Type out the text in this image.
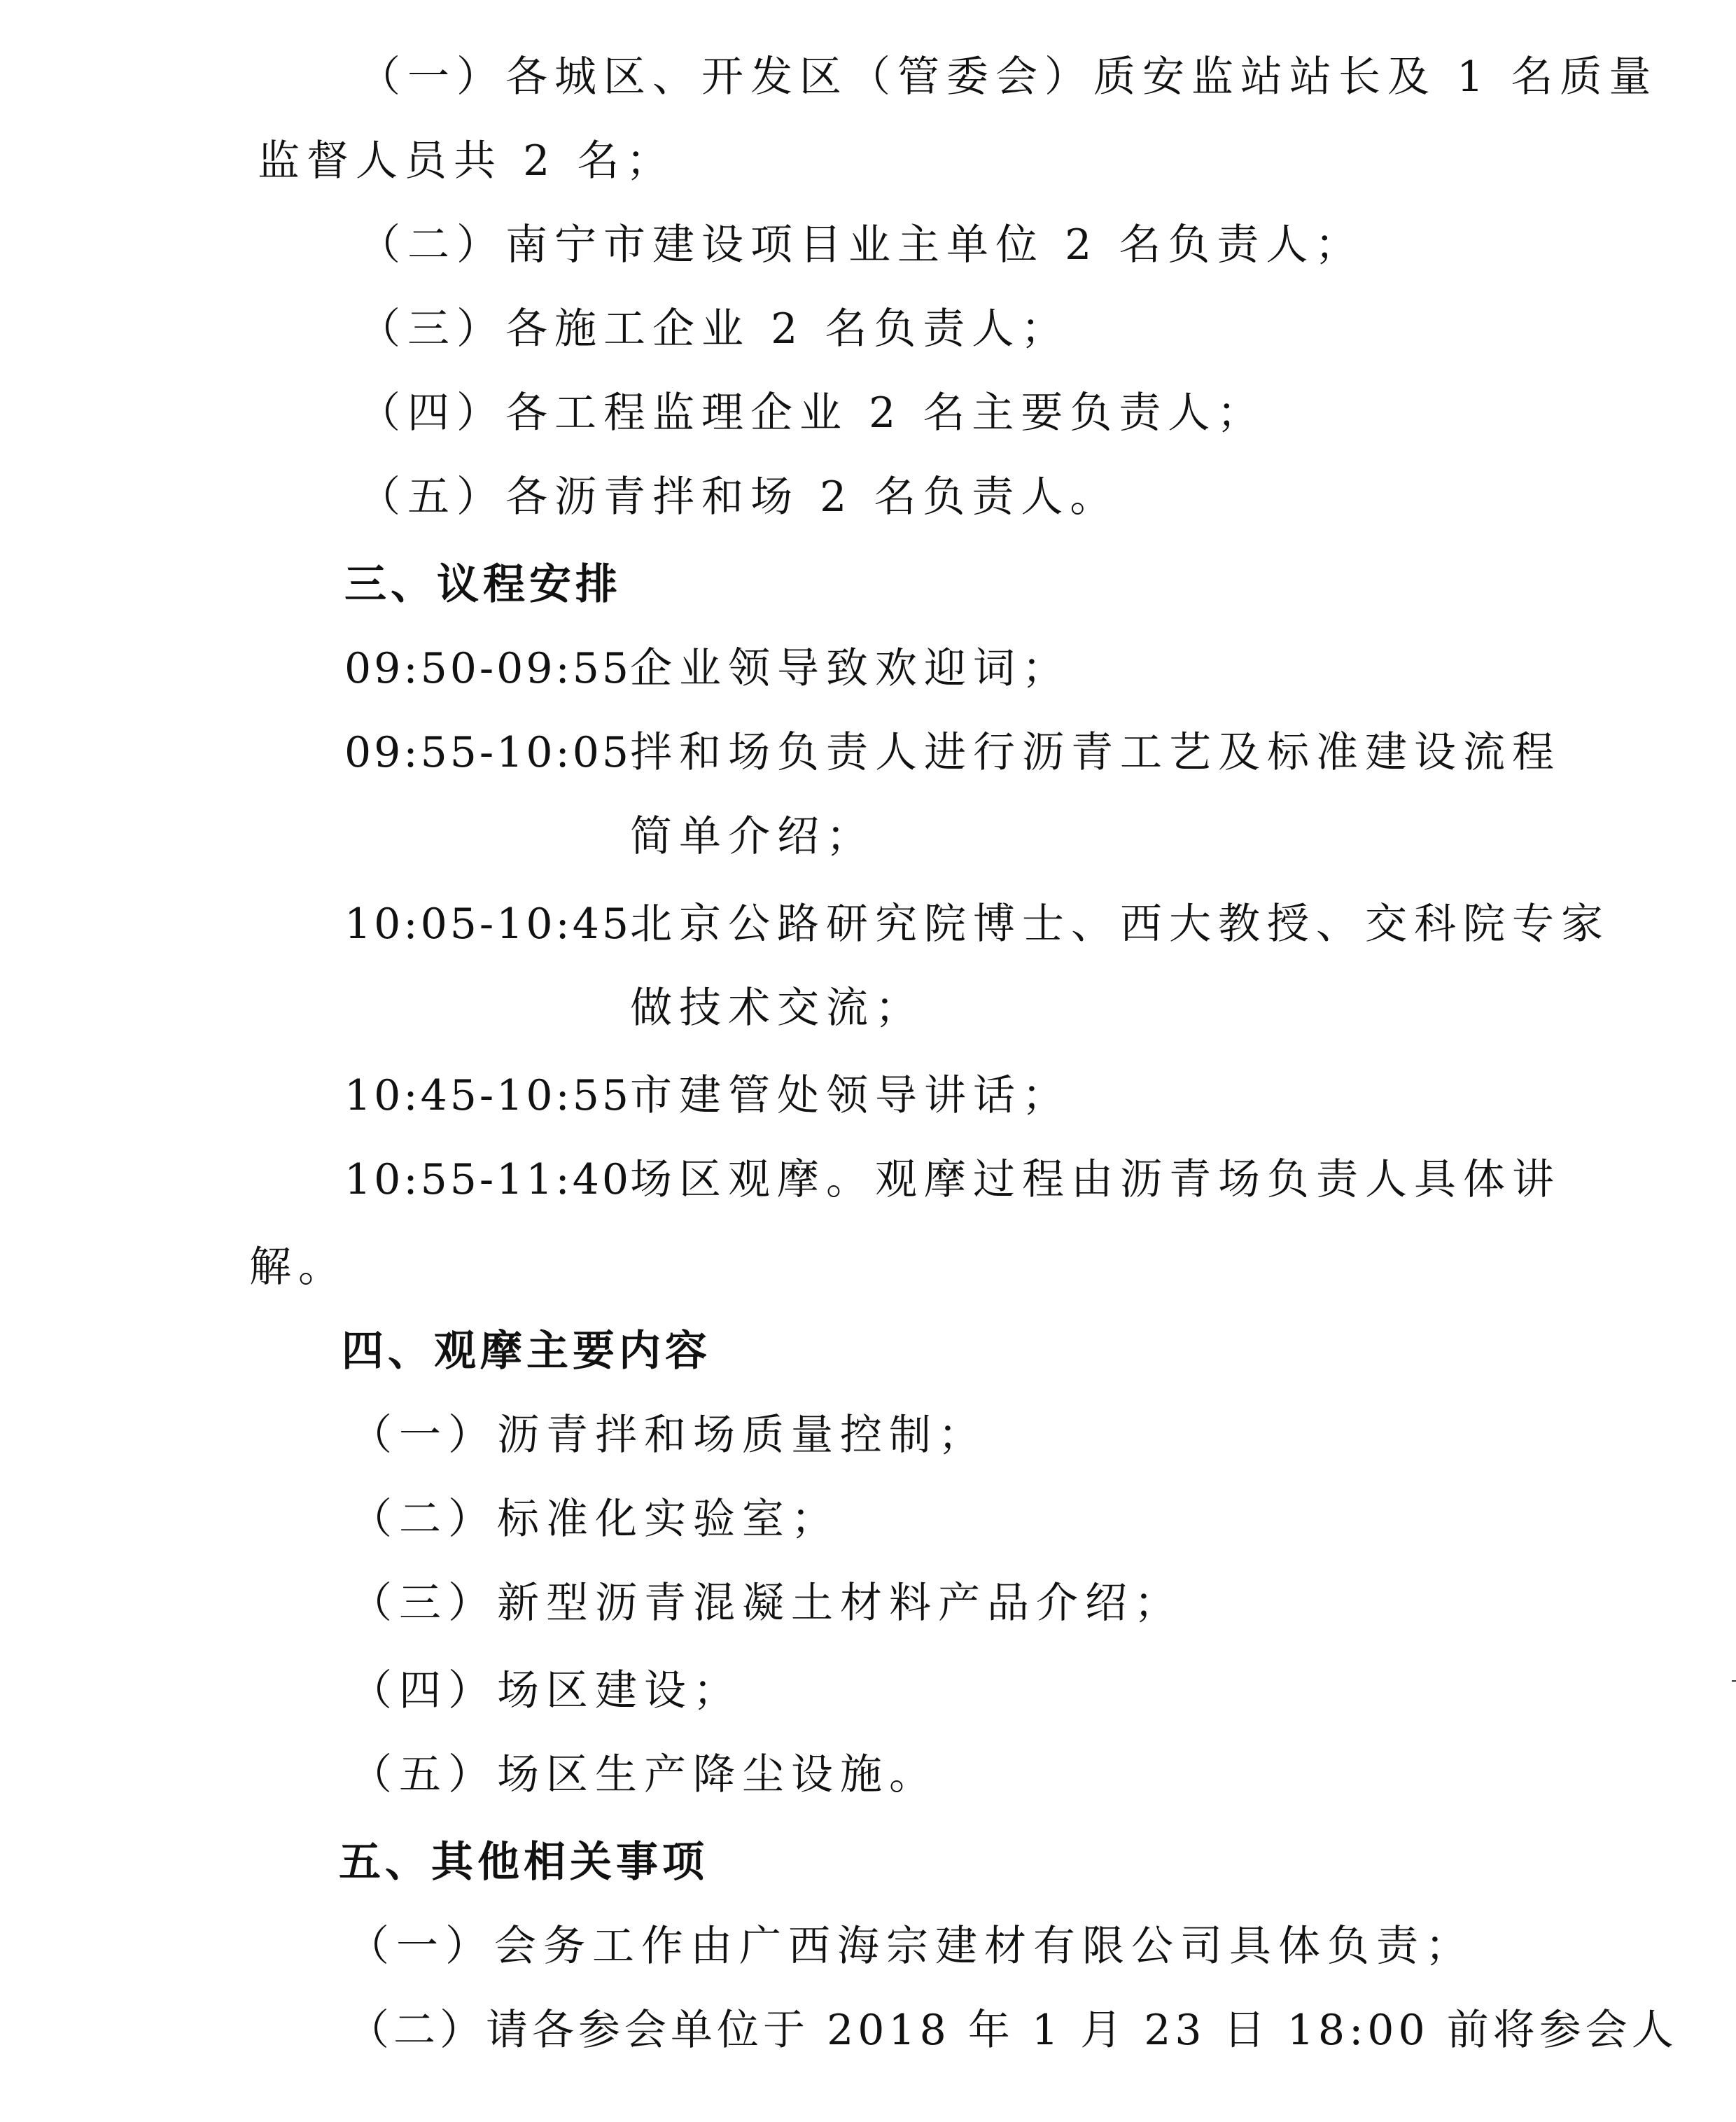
（一）各城区、开发区（管委会）质安监站站长及 1 名质量
监督人员共 2 名；
（二）南宁市建设项目业主单位 2 名负责人；
（三）各施工企业 2 名负责人；
（四）各工程监理企业 2 名主要负责人；
（五）各沥青拌和场 2 名负责人。
三、议程安排
09:50-09:55
企业领导致欢迎词；
09:55-10:05
拌和场负责人进行沥青工艺及标准建设流程
简单介绍；
10:05-10:45
北京公路研究院博士、西大教授、交科院专家
做技术交流；
10:45-10:55
市建管处领导讲话；
10:55-11:40
场区观摩。观摩过程由沥青场负责人具体讲
解。
四、观摩主要内容
（一）沥青拌和场质量控制；
（二）标准化实验室；
（三）新型沥青混凝土材料产品介绍；
（四）场区建设；
（五）场区生产降尘设施。
五、其他相关事项
（一）会务工作由广西海宗建材有限公司具体负责；
（二）请各参会单位于 2018 年 1 月 23 日 18:00 前将参会人
